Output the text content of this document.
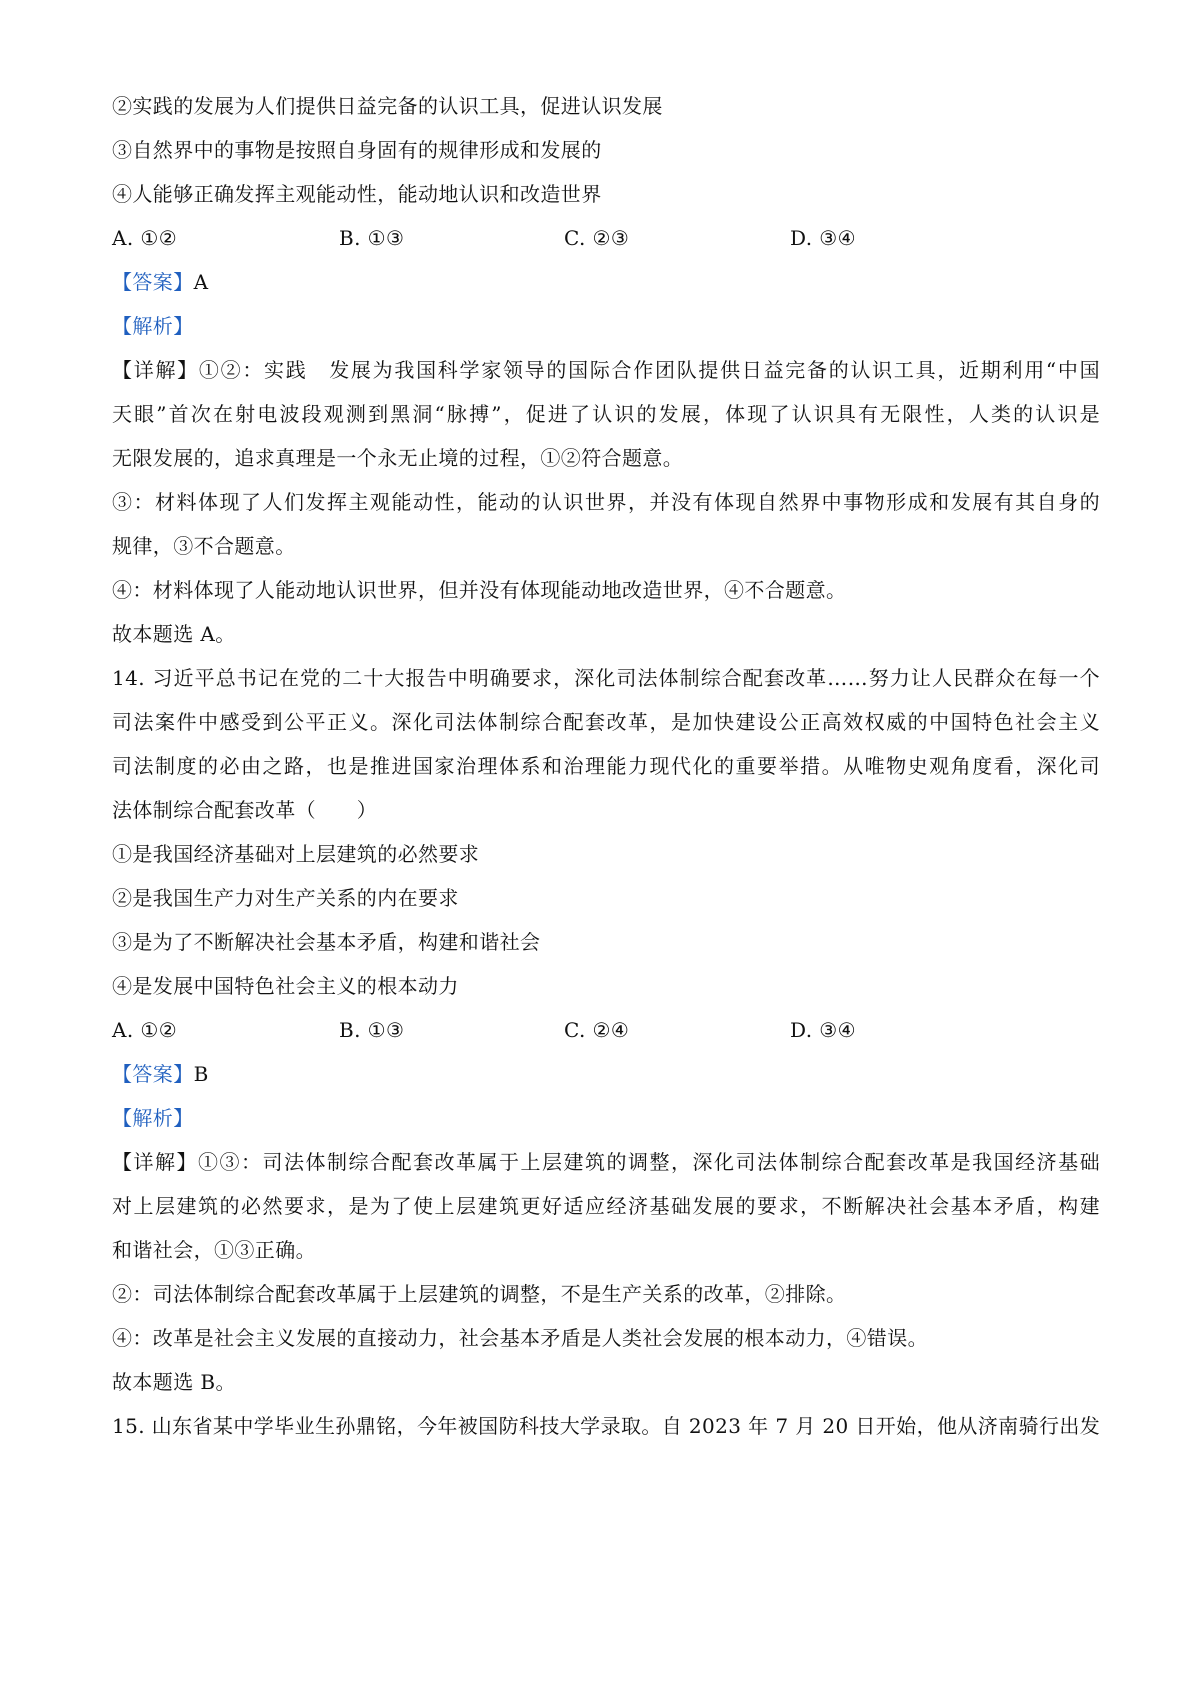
②实践的发展为人们提供日益完备的认识工具，促进认识发展
③自然界中的事物是按照自身固有的规律形成和发展的
④人能够正确发挥主观能动性，能动地认识和改造世界
A. ①②	B. ①③	C. ②③	D. ③④
【答案】A
【解析】
【详解】①②：实践　发展为我国科学家领导的国际合作团队提供日益完备的认识工具，近期利用“中国
天眼”首次在射电波段观测到黑洞“脉搏”，促进了认识的发展，体现了认识具有无限性，人类的认识是
无限发展的，追求真理是一个永无止境的过程，①②符合题意。
③：材料体现了人们发挥主观能动性，能动的认识世界，并没有体现自然界中事物形成和发展有其自身的
规律，③不合题意。
④：材料体现了人能动地认识世界，但并没有体现能动地改造世界，④不合题意。
故本题选 A。
14. 习近平总书记在党的二十大报告中明确要求，深化司法体制综合配套改革……努力让人民群众在每一个
司法案件中感受到公平正义。深化司法体制综合配套改革，是加快建设公正高效权威的中国特色社会主义
司法制度的必由之路，也是推进国家治理体系和治理能力现代化的重要举措。从唯物史观角度看，深化司
法体制综合配套改革（　　）
①是我国经济基础对上层建筑的必然要求
②是我国生产力对生产关系的内在要求
③是为了不断解决社会基本矛盾，构建和谐社会
④是发展中国特色社会主义的根本动力
A. ①②	B. ①③	C. ②④	D. ③④
【答案】B
【解析】
【详解】①③：司法体制综合配套改革属于上层建筑的调整，深化司法体制综合配套改革是我国经济基础
对上层建筑的必然要求，是为了使上层建筑更好适应经济基础发展的要求，不断解决社会基本矛盾，构建
和谐社会，①③正确。
②：司法体制综合配套改革属于上层建筑的调整，不是生产关系的改革，②排除。
④：改革是社会主义发展的直接动力，社会基本矛盾是人类社会发展的根本动力，④错误。
故本题选 B。
15. 山东省某中学毕业生孙鼎铭，今年被国防科技大学录取。自 2023 年 7 月 20 日开始，他从济南骑行出发
